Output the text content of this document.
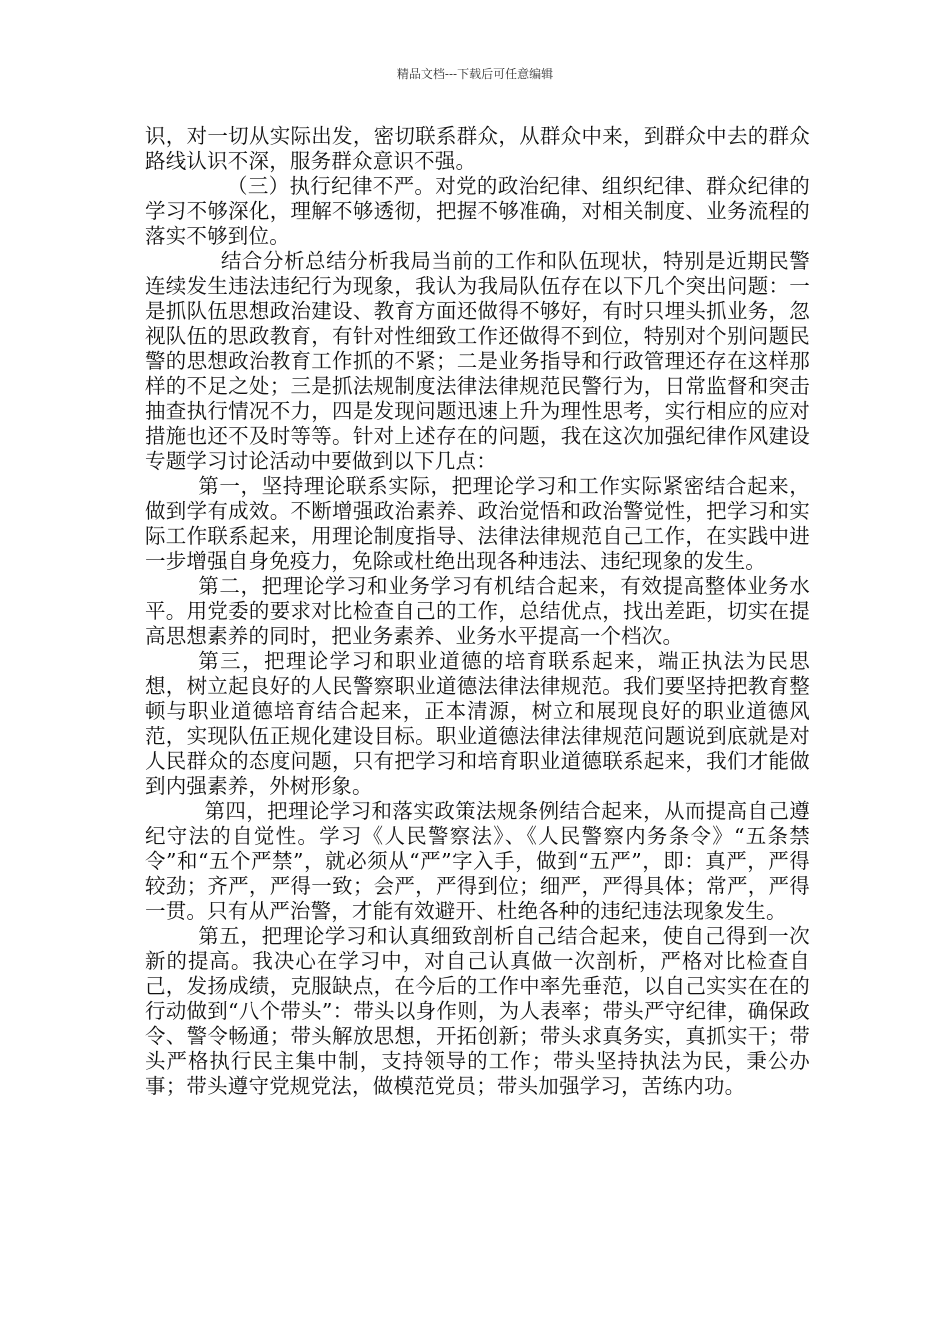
精品文档---下载后可任意编辑

识，对一切从实际出发，密切联系群众，从群众中来，到群众中去的群众路线认识不深，服务群众意识不强。

（三）执行纪律不严。对党的政治纪律、组织纪律、群众纪律的学习不够深化，理解不够透彻，把握不够准确，对相关制度、业务流程的落实不够到位。

结合分析总结分析我局当前的工作和队伍现状，特别是近期民警连续发生违法违纪行为现象，我认为我局队伍存在以下几个突出问题：一是抓队伍思想政治建设、教育方面还做得不够好，有时只埋头抓业务，忽视队伍的思政教育，有针对性细致工作还做得不到位，特别对个别问题民警的思想政治教育工作抓的不紧；二是业务指导和行政管理还存在这样那样的不足之处；三是抓法规制度法律法律规范民警行为，日常监督和突击抽查执行情况不力，四是发现问题迅速上升为理性思考，实行相应的应对措施也还不及时等等。针对上述存在的问题，我在这次加强纪律作风建设专题学习讨论活动中要做到以下几点：

第一，坚持理论联系实际，把理论学习和工作实际紧密结合起来，做到学有成效。不断增强政治素养、政治觉悟和政治警觉性，把学习和实际工作联系起来，用理论制度指导、法律法律规范自己工作，在实践中进一步增强自身免疫力，免除或杜绝出现各种违法、违纪现象的发生。

第二，把理论学习和业务学习有机结合起来，有效提高整体业务水平。用党委的要求对比检查自己的工作，总结优点，找出差距，切实在提高思想素养的同时，把业务素养、业务水平提高一个档次。

第三，把理论学习和职业道德的培育联系起来，端正执法为民思想，树立起良好的人民警察职业道德法律法律规范。我们要坚持把教育整顿与职业道德培育结合起来，正本清源，树立和展现良好的职业道德风范，实现队伍正规化建设目标。职业道德法律法律规范问题说到底就是对人民群众的态度问题，只有把学习和培育职业道德联系起来，我们才能做到内强素养，外树形象。

第四，把理论学习和落实政策法规条例结合起来，从而提高自己遵纪守法的自觉性。学习《人民警察法》、《人民警察内务条令》“五条禁令”和“五个严禁”，就必须从“严”字入手，做到“五严”，即：真严，严得较劲；齐严，严得一致；会严，严得到位；细严，严得具体；常严，严得一贯。只有从严治警，才能有效避开、杜绝各种的违纪违法现象发生。

第五，把理论学习和认真细致剖析自己结合起来，使自己得到一次新的提高。我决心在学习中，对自己认真做一次剖析，严格对比检查自己，发扬成绩，克服缺点，在今后的工作中率先垂范，以自己实实在在的行动做到“八个带头”：带头以身作则，为人表率；带头严守纪律，确保政令、警令畅通；带头解放思想，开拓创新；带头求真务实，真抓实干；带头严格执行民主集中制，支持领导的工作；带头坚持执法为民，秉公办事；带头遵守党规党法，做模范党员；带头加强学习，苦练内功。
